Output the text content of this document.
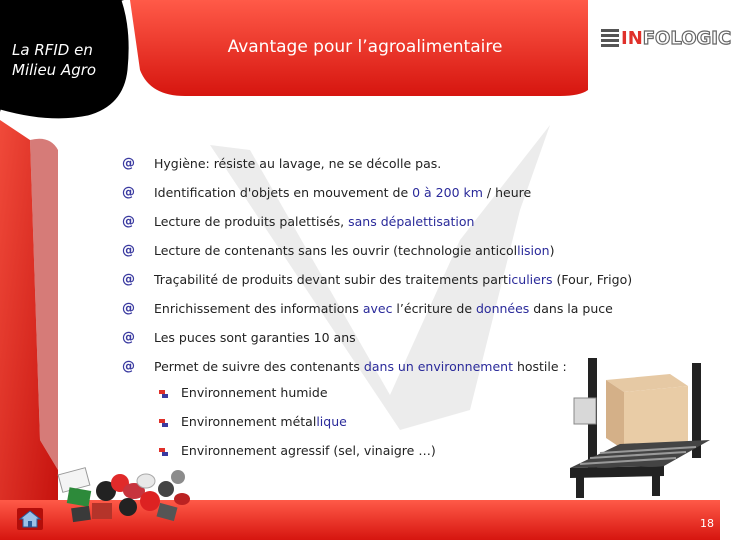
La RFID en
Milieu Agro
Avantage pour l’agroalimentaire	INFOLOGIC
@ Hygiène: résiste au lavage, ne se décolle pas.
@ Identification d'objets en mouvement de 0 à 200 km / heure
@ Lecture de produits palettisés, sans dépalettisation
@ Lecture de contenants sans les ouvrir (technologie anticollision)
@ Traçabilité de produits devant subir des traitements particuliers (Four, Frigo)
@ Enrichissement des informations avec l’écriture de données dans la puce
@ Les puces sont garanties 10 ans
@ Permet de suivre des contenants dans un environnement hostile :
Environnement humide
Environnement métallique
Environnement agressif (sel, vinaigre …)
18
